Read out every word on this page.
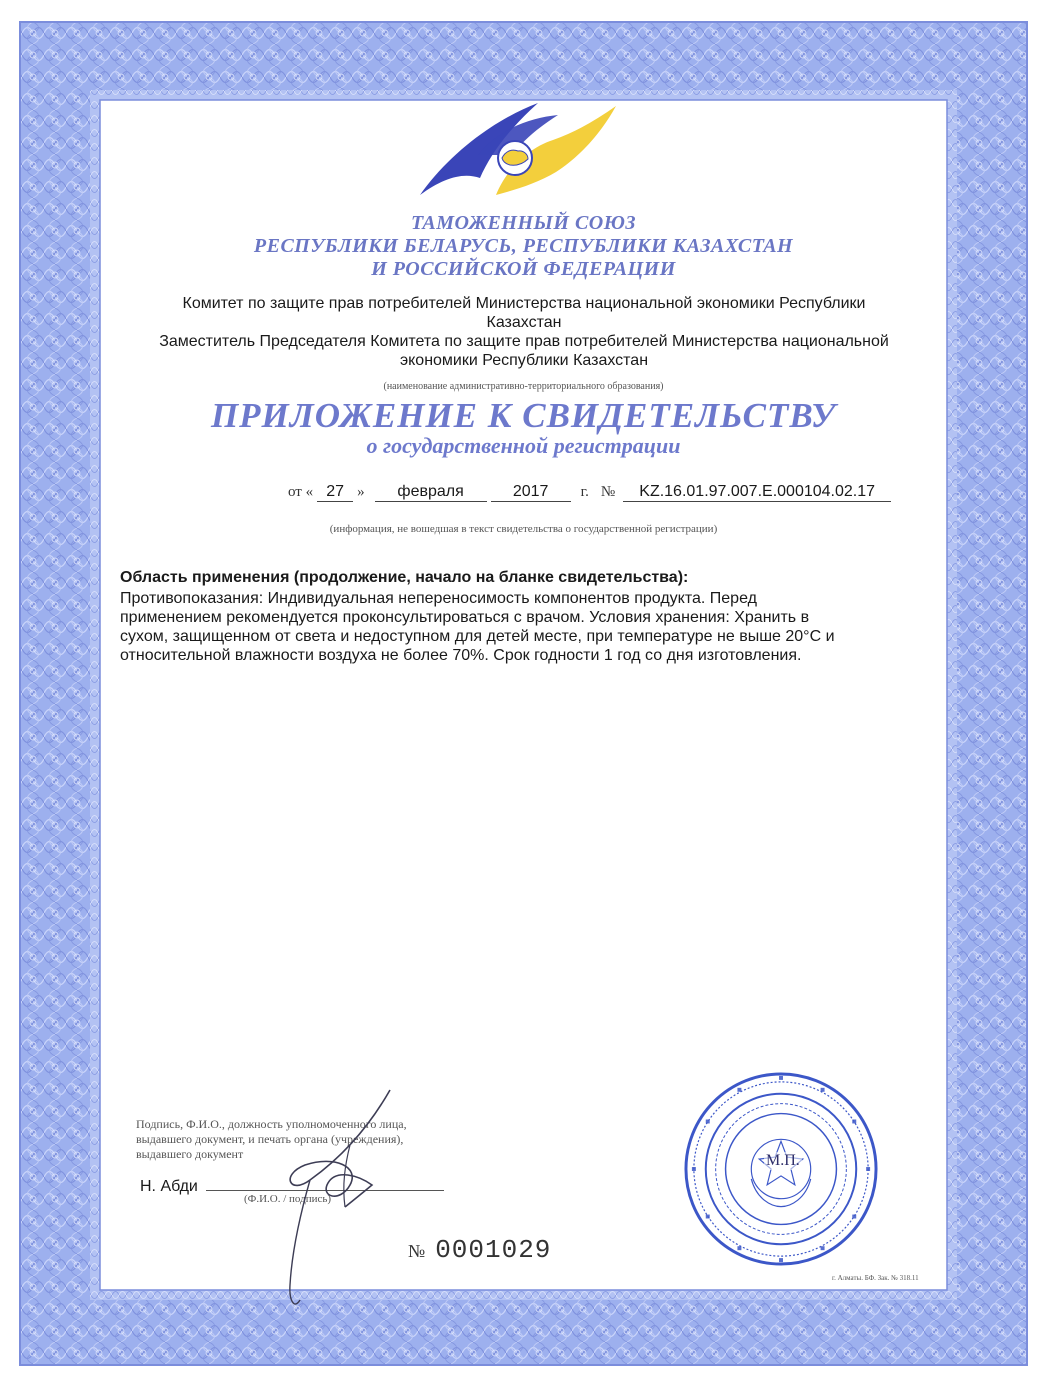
ТАМОЖЕННЫЙ СОЮЗ
РЕСПУБЛИКИ БЕЛАРУСЬ, РЕСПУБЛИКИ КАЗАХСТАН
И РОССИЙСКОЙ ФЕДЕРАЦИИ
Комитет по защите прав потребителей Министерства национальной экономики Республики
Казахстан
Заместитель Председателя Комитета по защите прав потребителей Министерства национальной
экономики Республики Казахстан
(наименование административно-территориального образования)
ПРИЛОЖЕНИЕ К СВИДЕТЕЛЬСТВУ
о государственной регистрации
от « 27 » февраля	2017 г. № KZ.16.01.97.007.E.000104.02.17
(информация, не вошедшая в текст свидетельства о государственной регистрации)
Область применения (продолжение, начало на бланке свидетельства):
Противопоказания: Индивидуальная непереносимость компонентов продукта. Перед
применением рекомендуется проконсультироваться с врачом. Условия хранения: Хранить в
сухом, защищенном от света и недоступном для детей месте, при температуре не выше 20°С и
относительной влажности воздуха не более 70%. Срок годности 1 год со дня изготовления.
Подпись, Ф.И.О., должность уполномоченного лица,
выдавшего документ, и печать органа (учреждения),
выдавшего документ
Н. Абди
(Ф.И.О. / подпись)
№ 0001029
М.П.
г. Алматы. БФ. Зак. № 318.11
